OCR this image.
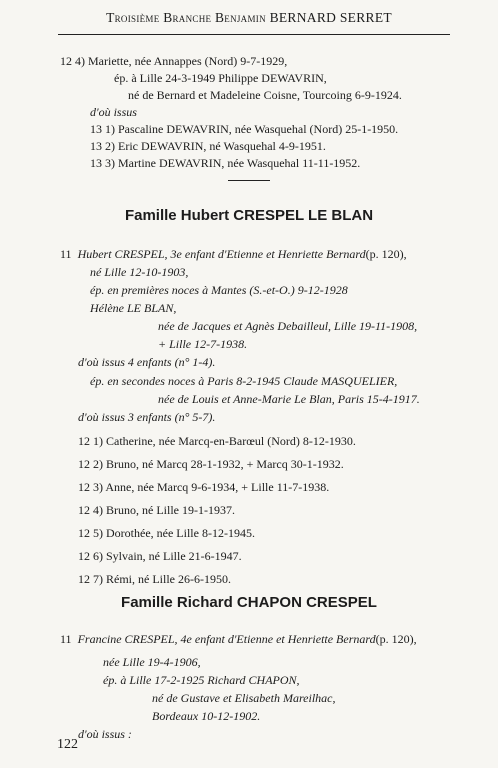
Troisième Branche Benjamin BERNARD SERRET
12 4) Mariette, née Annappes (Nord) 9-7-1929,
ép. à Lille 24-3-1949 Philippe DEWAVRIN,
né de Bernard et Madeleine Coisne, Tourcoing 6-9-1924.
d'où issus
13 1) Pascaline DEWAVRIN, née Wasquehal (Nord) 25-1-1950.
13 2) Eric DEWAVRIN, né Wasquehal 4-9-1951.
13 3) Martine DEWAVRIN, née Wasquehal 11-11-1952.
Famille Hubert CRESPEL LE BLAN
11 Hubert CRESPEL, 3e enfant d'Etienne et Henriette Bernard(p. 120),
né Lille 12-10-1903,
ép. en premières noces à Mantes (S.-et-O.) 9-12-1928
Hélène LE BLAN,
née de Jacques et Agnès Debailleul, Lille 19-11-1908,
+ Lille 12-7-1938.
d'où issus 4 enfants (n° 1-4).
ép. en secondes noces à Paris 8-2-1945 Claude MASQUELIER,
née de Louis et Anne-Marie Le Blan, Paris 15-4-1917.
d'où issus 3 enfants (n° 5-7).
12 1) Catherine, née Marcq-en-Barœul (Nord) 8-12-1930.
12 2) Bruno, né Marcq 28-1-1932, + Marcq 30-1-1932.
12 3) Anne, née Marcq 9-6-1934, + Lille 11-7-1938.
12 4) Bruno, né Lille 19-1-1937.
12 5) Dorothée, née Lille 8-12-1945.
12 6) Sylvain, né Lille 21-6-1947.
12 7) Rémi, né Lille 26-6-1950.
Famille Richard CHAPON CRESPEL
11 Francine CRESPEL, 4e enfant d'Etienne et Henriette Bernard(p. 120),
née Lille 19-4-1906,
ép. à Lille 17-2-1925 Richard CHAPON,
né de Gustave et Elisabeth Mareilhac,
Bordeaux 10-12-1902.
d'où issus :
122
